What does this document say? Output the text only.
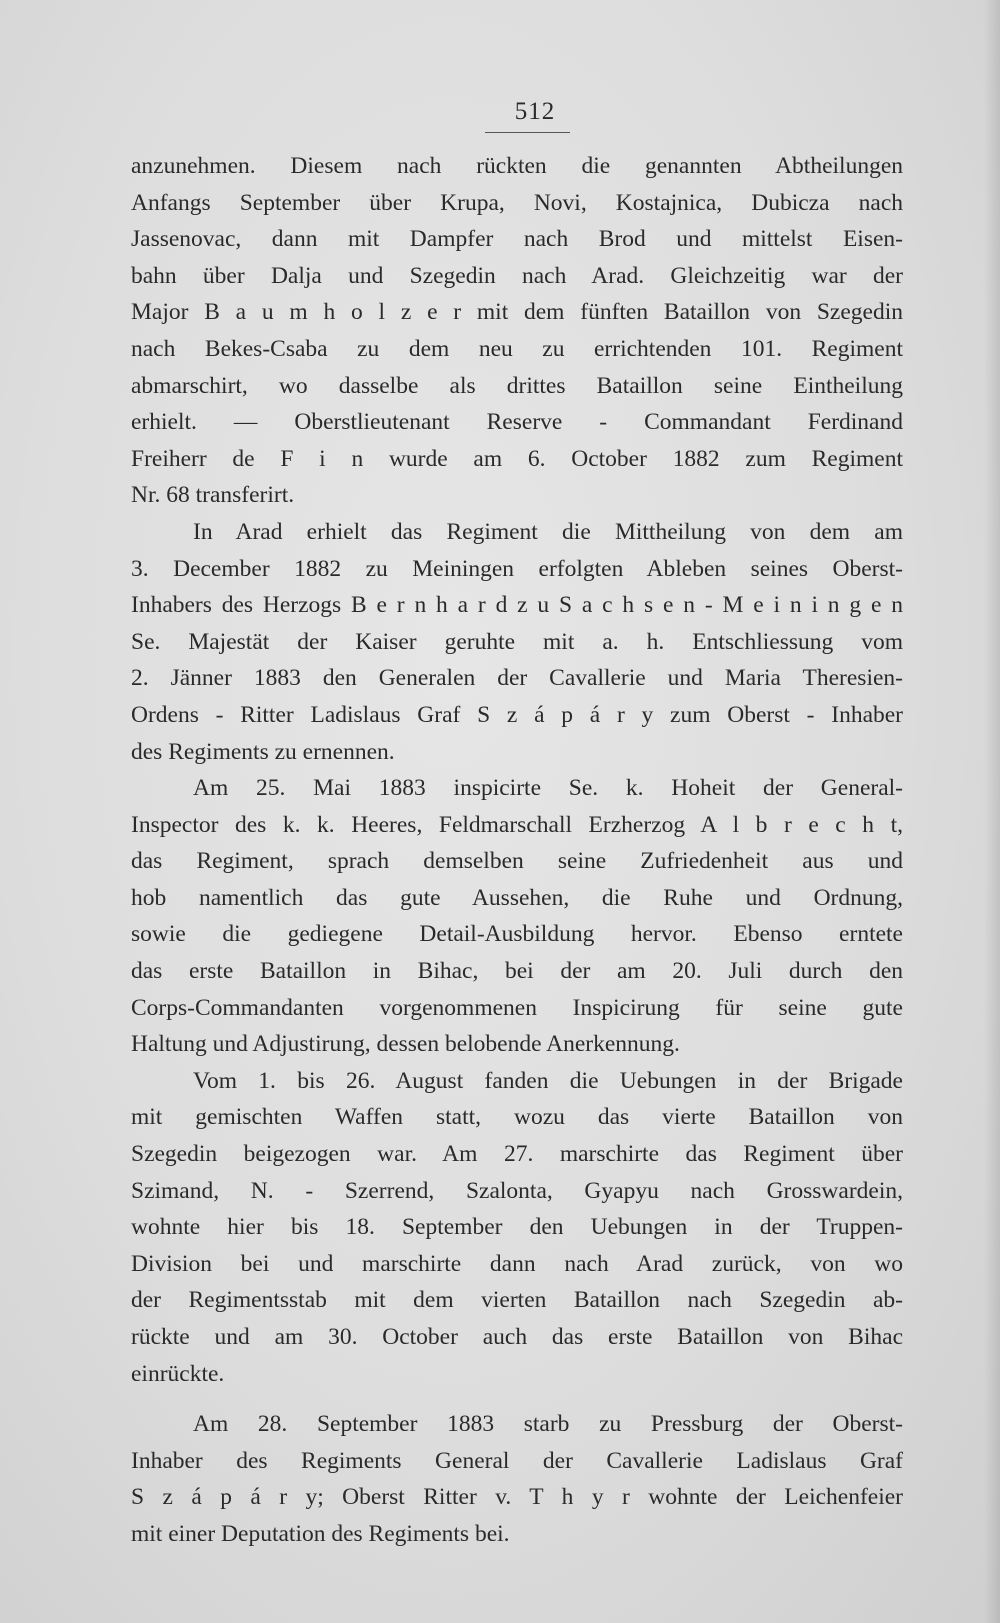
512
anzunehmen. Diesem nach rückten die genannten Abtheilungen
Anfangs September über Krupa, Novi, Kostajnica, Dubicza nach
Jassenovac, dann mit Dampfer nach Brod und mittelst Eisen-
bahn über Dalja und Szegedin nach Arad. Gleichzeitig war der
Major B a u m h o l z e r mit dem fünften Bataillon von Szegedin
nach Bekes-Csaba zu dem neu zu errichtenden 101. Regiment
abmarschirt, wo dasselbe als drittes Bataillon seine Eintheilung
erhielt. — Oberstlieutenant Reserve - Commandant Ferdinand
Freiherr de F i n wurde am 6. October 1882 zum Regiment
Nr. 68 transferirt.
In Arad erhielt das Regiment die Mittheilung von dem am
3. December 1882 zu Meiningen erfolgten Ableben seines Oberst-
Inhabers des Herzogs B e r n h a r d z u S a c h s e n - M e i n i n g e n
Se. Majestät der Kaiser geruhte mit a. h. Entschliessung vom
2. Jänner 1883 den Generalen der Cavallerie und Maria Theresien-
Ordens - Ritter Ladislaus Graf S z á p á r y zum Oberst - Inhaber
des Regiments zu ernennen.
Am 25. Mai 1883 inspicirte Se. k. Hoheit der General-
Inspector des k. k. Heeres, Feldmarschall Erzherzog A l b r e c h t,
das Regiment, sprach demselben seine Zufriedenheit aus und
hob namentlich das gute Aussehen, die Ruhe und Ordnung,
sowie die gediegene Detail-Ausbildung hervor. Ebenso erntete
das erste Bataillon in Bihac, bei der am 20. Juli durch den
Corps-Commandanten vorgenommenen Inspicirung für seine gute
Haltung und Adjustirung, dessen belobende Anerkennung.
Vom 1. bis 26. August fanden die Uebungen in der Brigade
mit gemischten Waffen statt, wozu das vierte Bataillon von
Szegedin beigezogen war. Am 27. marschirte das Regiment über
Szimand, N. - Szerrend, Szalonta, Gyapyu nach Grosswardein,
wohnte hier bis 18. September den Uebungen in der Truppen-
Division bei und marschirte dann nach Arad zurück, von wo
der Regimentsstab mit dem vierten Bataillon nach Szegedin ab-
rückte und am 30. October auch das erste Bataillon von Bihac
einrückte.
Am 28. September 1883 starb zu Pressburg der Oberst-
Inhaber des Regiments General der Cavallerie Ladislaus Graf
S z á p á r y; Oberst Ritter v. T h y r wohnte der Leichenfeier
mit einer Deputation des Regiments bei.
